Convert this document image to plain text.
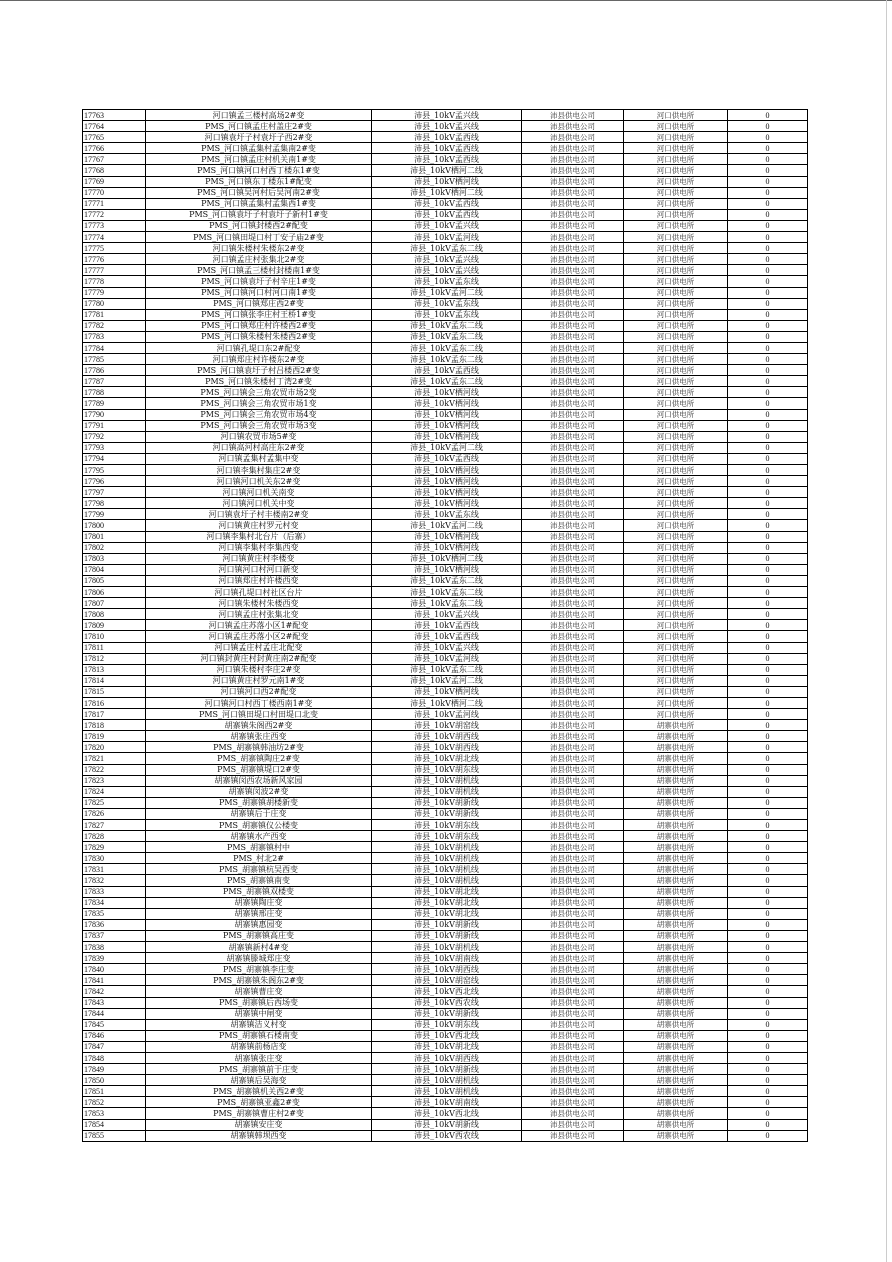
17763	河口镇孟三楼村高场2#变	沛县_10kV孟兴线	沛县供电公司	河口供电所	0
17764	PMS_河口镇孟庄村盖庄2#变	沛县_10kV孟兴线	沛县供电公司	河口供电所	0
17765	河口镇袁圩子村袁圩子西2#变	沛县_10kV孟西线	沛县供电公司	河口供电所	0
17766	PMS_河口镇孟集村孟集南2#变	沛县_10kV孟西线	沛县供电公司	河口供电所	0
17767	PMS_河口镇孟庄村机关南1#变	沛县_10kV孟西线	沛县供电公司	河口供电所	0
17768	PMS_河口镇河口村西丁楼东1#变	沛县_10kV栖河二线	沛县供电公司	河口供电所	0
17769	PMS_河口镇东丁楼东1#配变	沛县_10kV栖河线	沛县供电公司	河口供电所	0
17770	PMS_河口镇吴河村后吴河南2#变	沛县_10kV栖河二线	沛县供电公司	河口供电所	0
17771	PMS_河口镇孟集村孟集西1#变	沛县_10kV孟西线	沛县供电公司	河口供电所	0
17772	PMS_河口镇袁圩子村袁圩子新村1#变	沛县_10kV孟西线	沛县供电公司	河口供电所	0
17773	PMS_河口镇封楼西2#配变	沛县_10kV孟兴线	沛县供电公司	河口供电所	0
17774	PMS_河口镇田堤口村丁安子庙2#变	沛县_10kV孟河线	沛县供电公司	河口供电所	0
17775	河口镇朱楼村朱楼东2#变	沛县_10kV孟东二线	沛县供电公司	河口供电所	0
17776	河口镇孟庄村张集北2#变	沛县_10kV孟兴线	沛县供电公司	河口供电所	0
17777	PMS_河口镇孟三楼村封楼南1#变	沛县_10kV孟兴线	沛县供电公司	河口供电所	0
17778	PMS_河口镇袁圩子村辛庄1#变	沛县_10kV孟东线	沛县供电公司	河口供电所	0
17779	PMS_河口镇河口村河口南1#变	沛县_10kV孟河二线	沛县供电公司	河口供电所	0
17780	PMS_河口镇郑庄西2#变	沛县_10kV孟东线	沛县供电公司	河口供电所	0
17781	PMS_河口镇张李庄村王桥1#变	沛县_10kV孟东线	沛县供电公司	河口供电所	0
17782	PMS_河口镇郑庄村许楼西2#变	沛县_10kV孟东二线	沛县供电公司	河口供电所	0
17783	PMS_河口镇朱楼村朱楼西2#变	沛县_10kV孟东二线	沛县供电公司	河口供电所	0
17784	河口镇孔堤口东2#配变	沛县_10kV孟东二线	沛县供电公司	河口供电所	0
17785	河口镇郑庄村许楼东2#变	沛县_10kV孟东二线	沛县供电公司	河口供电所	0
17786	PMS_河口镇袁圩子村吕楼西2#变	沛县_10kV孟西线	沛县供电公司	河口供电所	0
17787	PMS_河口镇朱楼村丁湾2#变	沛县_10kV孟东二线	沛县供电公司	河口供电所	0
17788	PMS_河口镇会三角农贸市场2变	沛县_10kV栖河线	沛县供电公司	河口供电所	0
17789	PMS_河口镇会三角农贸市场1变	沛县_10kV栖河线	沛县供电公司	河口供电所	0
17790	PMS_河口镇会三角农贸市场4变	沛县_10kV栖河线	沛县供电公司	河口供电所	0
17791	PMS_河口镇会三角农贸市场3变	沛县_10kV栖河线	沛县供电公司	河口供电所	0
17792	河口镇农贸市场5#变	沛县_10kV栖河线	沛县供电公司	河口供电所	0
17793	河口镇高河村高庄东2#变	沛县_10kV孟河二线	沛县供电公司	河口供电所	0
17794	河口镇孟集村孟集中变	沛县_10kV孟西线	沛县供电公司	河口供电所	0
17795	河口镇李集村集庄2#变	沛县_10kV栖河线	沛县供电公司	河口供电所	0
17796	河口镇河口机关东2#变	沛县_10kV栖河线	沛县供电公司	河口供电所	0
17797	河口镇河口机关南变	沛县_10kV栖河线	沛县供电公司	河口供电所	0
17798	河口镇河口机关中变	沛县_10kV栖河线	沛县供电公司	河口供电所	0
17799	河口镇袁圩子村丰楼南2#变	沛县_10kV孟东线	沛县供电公司	河口供电所	0
17800	河口镇黄庄村罗元村变	沛县_10kV孟河二线	沛县供电公司	河口供电所	0
17801	河口镇李集村北台片（后寨）	沛县_10kV栖河线	沛县供电公司	河口供电所	0
17802	河口镇李集村李集西变	沛县_10kV栖河线	沛县供电公司	河口供电所	0
17803	河口镇黄庄村李楼变	沛县_10kV栖河二线	沛县供电公司	河口供电所	0
17804	河口镇河口村河口新变	沛县_10kV栖河线	沛县供电公司	河口供电所	0
17805	河口镇郑庄村许楼西变	沛县_10kV孟东二线	沛县供电公司	河口供电所	0
17806	河口镇孔堤口村社区台片	沛县_10kV孟东二线	沛县供电公司	河口供电所	0
17807	河口镇朱楼村朱楼西变	沛县_10kV孟东二线	沛县供电公司	河口供电所	0
17808	河口镇孟庄村张集北变	沛县_10kV孟兴线	沛县供电公司	河口供电所	0
17809	河口镇孟庄苏落小区1#配变	沛县_10kV孟西线	沛县供电公司	河口供电所	0
17810	河口镇孟庄苏落小区2#配变	沛县_10kV孟西线	沛县供电公司	河口供电所	0
17811	河口镇孟庄村孟庄北配变	沛县_10kV孟兴线	沛县供电公司	河口供电所	0
17812	河口镇封黄庄村封黄庄南2#配变	沛县_10kV孟河线	沛县供电公司	河口供电所	0
17813	河口镇朱楼村李庄2#变	沛县_10kV孟东二线	沛县供电公司	河口供电所	0
17814	河口镇黄庄村罗元南1#变	沛县_10kV孟河二线	沛县供电公司	河口供电所	0
17815	河口镇河口西2#配变	沛县_10kV栖河线	沛县供电公司	河口供电所	0
17816	河口镇河口村西丁楼西南1#变	沛县_10kV栖河二线	沛县供电公司	河口供电所	0
17817	PMS_河口镇田堤口村田堤口北变	沛县_10kV孟河线	沛县供电公司	河口供电所	0
17818	胡寨镇朱阁西2#变	沛县_10kV胡窑线	沛县供电公司	胡寨供电所	0
17819	胡寨镇张庄西变	沛县_10kV胡西线	沛县供电公司	胡寨供电所	0
17820	PMS_胡寨镇韩油坊2#变	沛县_10kV胡西线	沛县供电公司	胡寨供电所	0
17821	PMS_胡寨镇陶庄2#变	沛县_10kV胡北线	沛县供电公司	胡寨供电所	0
17822	PMS_胡寨镇堤口2#变	沛县_10kV胡东线	沛县供电公司	胡寨供电所	0
17823	胡寨镇闵西农场新风家园	沛县_10kV胡机线	沛县供电公司	胡寨供电所	0
17824	胡寨镇闵波2#变	沛县_10kV胡机线	沛县供电公司	胡寨供电所	0
17825	PMS_胡寨镇胡楼新变	沛县_10kV胡新线	沛县供电公司	胡寨供电所	0
17826	胡寨镇后于庄变	沛县_10kV胡新线	沛县供电公司	胡寨供电所	0
17827	PMS_胡寨镇仪公楼变	沛县_10kV胡东线	沛县供电公司	胡寨供电所	0
17828	胡寨镇水产西变	沛县_10kV胡东线	沛县供电公司	胡寨供电所	0
17829	PMS_胡寨镇村中	沛县_10kV胡机线	沛县供电公司	胡寨供电所	0
17830	PMS_村北2#	沛县_10kV胡机线	沛县供电公司	胡寨供电所	0
17831	PMS_胡寨镇杭吴西变	沛县_10kV胡机线	沛县供电公司	胡寨供电所	0
17832	PMS_胡寨镇南变	沛县_10kV胡机线	沛县供电公司	胡寨供电所	0
17833	PMS_胡寨镇双楼变	沛县_10kV胡北线	沛县供电公司	胡寨供电所	0
17834	胡寨镇陶庄变	沛县_10kV胡北线	沛县供电公司	胡寨供电所	0
17835	胡寨镇邢庄变	沛县_10kV胡北线	沛县供电公司	胡寨供电所	0
17836	胡寨镇惠园变	沛县_10kV胡新线	沛县供电公司	胡寨供电所	0
17837	PMS_胡寨镇高庄变	沛县_10kV胡新线	沛县供电公司	胡寨供电所	0
17838	胡寨镇新村4#变	沛县_10kV胡机线	沛县供电公司	胡寨供电所	0
17839	胡寨镇滕城郑庄变	沛县_10kV胡南线	沛县供电公司	胡寨供电所	0
17840	PMS_胡寨镇李庄变	沛县_10kV胡西线	沛县供电公司	胡寨供电所	0
17841	PMS_胡寨镇朱阁东2#变	沛县_10kV胡窑线	沛县供电公司	胡寨供电所	0
17842	胡寨镇曹庄变	沛县_10kV西北线	沛县供电公司	胡寨供电所	0
17843	PMS_胡寨镇后西场变	沛县_10kV西农线	沛县供电公司	胡寨供电所	0
17844	胡寨镇中闸变	沛县_10kV胡新线	沛县供电公司	胡寨供电所	0
17845	胡寨镇洁义村变	沛县_10kV胡东线	沛县供电公司	胡寨供电所	0
17846	PMS_胡寨镇石楼南变	沛县_10kV西北线	沛县供电公司	胡寨供电所	0
17847	胡寨镇前杨店变	沛县_10kV胡北线	沛县供电公司	胡寨供电所	0
17848	胡寨镇张庄变	沛县_10kV胡西线	沛县供电公司	胡寨供电所	0
17849	PMS_胡寨镇前于庄变	沛县_10kV胡新线	沛县供电公司	胡寨供电所	0
17850	胡寨镇后吴海变	沛县_10kV胡机线	沛县供电公司	胡寨供电所	0
17851	PMS_胡寨镇机关西2#变	沛县_10kV胡机线	沛县供电公司	胡寨供电所	0
17852	PMS_胡寨镇亚鑫2#变	沛县_10kV胡南线	沛县供电公司	胡寨供电所	0
17853	PMS_胡寨镇曹庄村2#变	沛县_10kV西北线	沛县供电公司	胡寨供电所	0
17854	胡寨镇安庄变	沛县_10kV胡新线	沛县供电公司	胡寨供电所	0
17855	胡寨镇韩坝西变	沛县_10kV西农线	沛县供电公司	胡寨供电所	0
